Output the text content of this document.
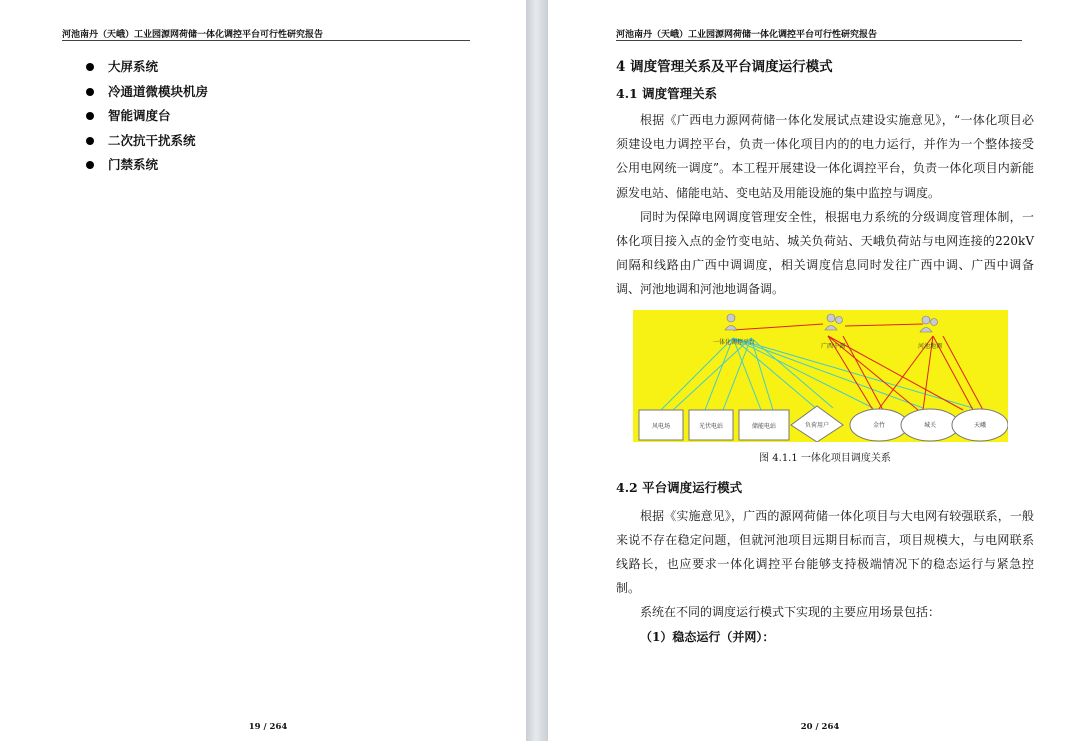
河池南丹（天峨）工业园源网荷储一体化调控平台可行性研究报告
大屏系统
冷通道微模块机房
智能调度台
二次抗干扰系统
门禁系统
19 / 264
河池南丹（天峨）工业园源网荷储一体化调控平台可行性研究报告
20 / 264
4 调度管理关系及平台调度运行模式
4.1 调度管理关系

根据《广西电力源网荷储一体化发展试点建设实施意见》，“一体化项目必须建设电力调控平台，负责一体化项目内的的电力运行，并作为一个整体接受公用电网统一调度”。本工程开展建设一体化调控平台，负责一体化项目内新能源发电站、储能电站、变电站及用能设施的集中监控与调度。

同时为保障电网调度管理安全性，根据电力系统的分级调度管理体制，一体化项目接入点的金竹变电站、城关负荷站、天峨负荷站与电网连接的220kV 间隔和线路由广西中调调度，相关调度信息同时发往广西中调、广西中调备调、河池地调和河池地调备调。

一体化调控平台
广西中调	河池地调
风电场	光伏电站	储能电站	负荷用户	金竹	城关	天峨
图 4.1.1 一体化项目调度关系
4.2 平台调度运行模式

根据《实施意见》，广西的源网荷储一体化项目与大电网有较强联系，一般来说不存在稳定问题，但就河池项目远期目标而言，项目规模大，与电网联系线路长，也应要求一体化调控平台能够支持极端情况下的稳态运行与紧急控制。

系统在不同的调度运行模式下实现的主要应用场景包括：

（1）稳态运行（并网）：
